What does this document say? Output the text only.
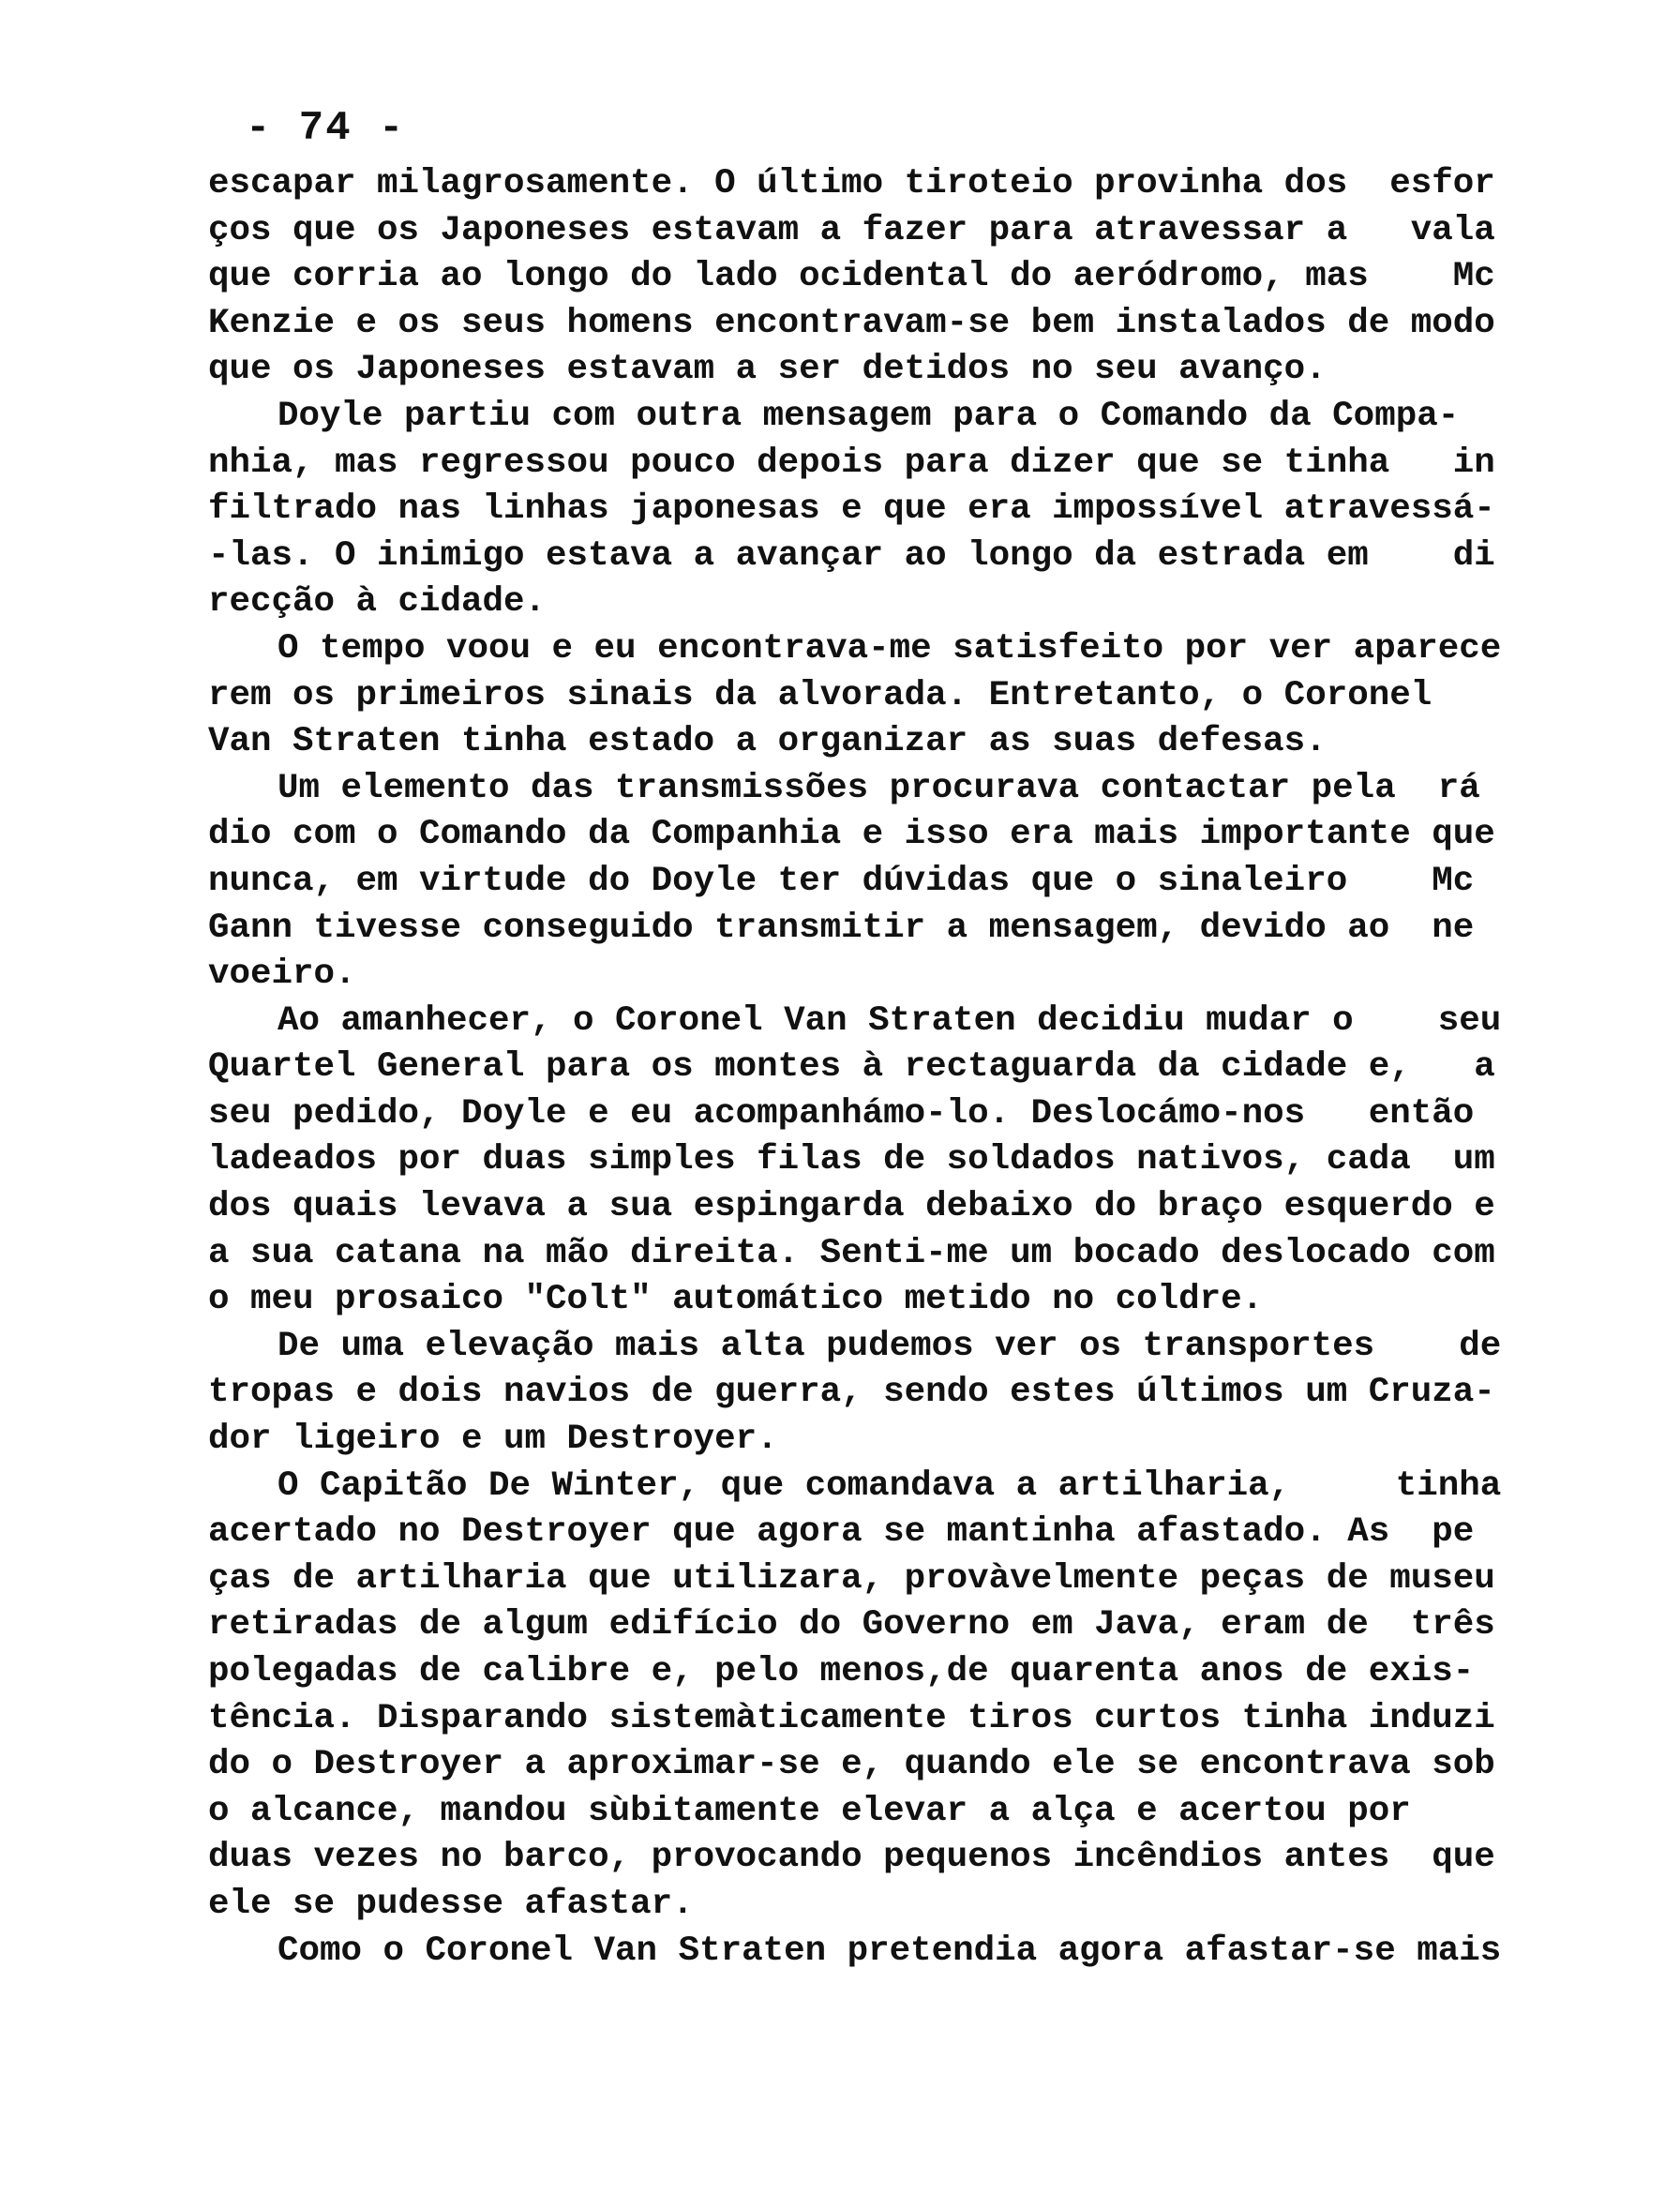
- 74 -
escapar milagrosamente. O último tiroteio provinha dos  esfor
ços que os Japoneses estavam a fazer para atravessar a   vala
que corria ao longo do lado ocidental do aeródromo, mas    Mc
Kenzie e os seus homens encontravam-se bem instalados de modo
que os Japoneses estavam a ser detidos no seu avanço.
Doyle partiu com outra mensagem para o Comando da Compa-
nhia, mas regressou pouco depois para dizer que se tinha   in
filtrado nas linhas japonesas e que era impossível atravessá-
-las. O inimigo estava a avançar ao longo da estrada em    di
recção à cidade.
O tempo voou e eu encontrava-me satisfeito por ver aparece
rem os primeiros sinais da alvorada. Entretanto, o Coronel
Van Straten tinha estado a organizar as suas defesas.
Um elemento das transmissões procurava contactar pela  rá
dio com o Comando da Companhia e isso era mais importante que
nunca, em virtude do Doyle ter dúvidas que o sinaleiro    Mc
Gann tivesse conseguido transmitir a mensagem, devido ao  ne
voeiro.
Ao amanhecer, o Coronel Van Straten decidiu mudar o    seu
Quartel General para os montes à rectaguarda da cidade e,   a
seu pedido, Doyle e eu acompanhámo-lo. Deslocámo-nos   então
ladeados por duas simples filas de soldados nativos, cada  um
dos quais levava a sua espingarda debaixo do braço esquerdo e
a sua catana na mão direita. Senti-me um bocado deslocado com
o meu prosaico "Colt" automático metido no coldre.
De uma elevação mais alta pudemos ver os transportes    de
tropas e dois navios de guerra, sendo estes últimos um Cruza-
dor ligeiro e um Destroyer.
O Capitão De Winter, que comandava a artilharia,     tinha
acertado no Destroyer que agora se mantinha afastado. As  pe
ças de artilharia que utilizara, provàvelmente peças de museu
retiradas de algum edifício do Governo em Java, eram de  três
polegadas de calibre e, pelo menos,de quarenta anos de exis-
tência. Disparando sistemàticamente tiros curtos tinha induzi
do o Destroyer a aproximar-se e, quando ele se encontrava sob
o alcance, mandou sùbitamente elevar a alça e acertou por
duas vezes no barco, provocando pequenos incêndios antes  que
ele se pudesse afastar.
Como o Coronel Van Straten pretendia agora afastar-se mais
